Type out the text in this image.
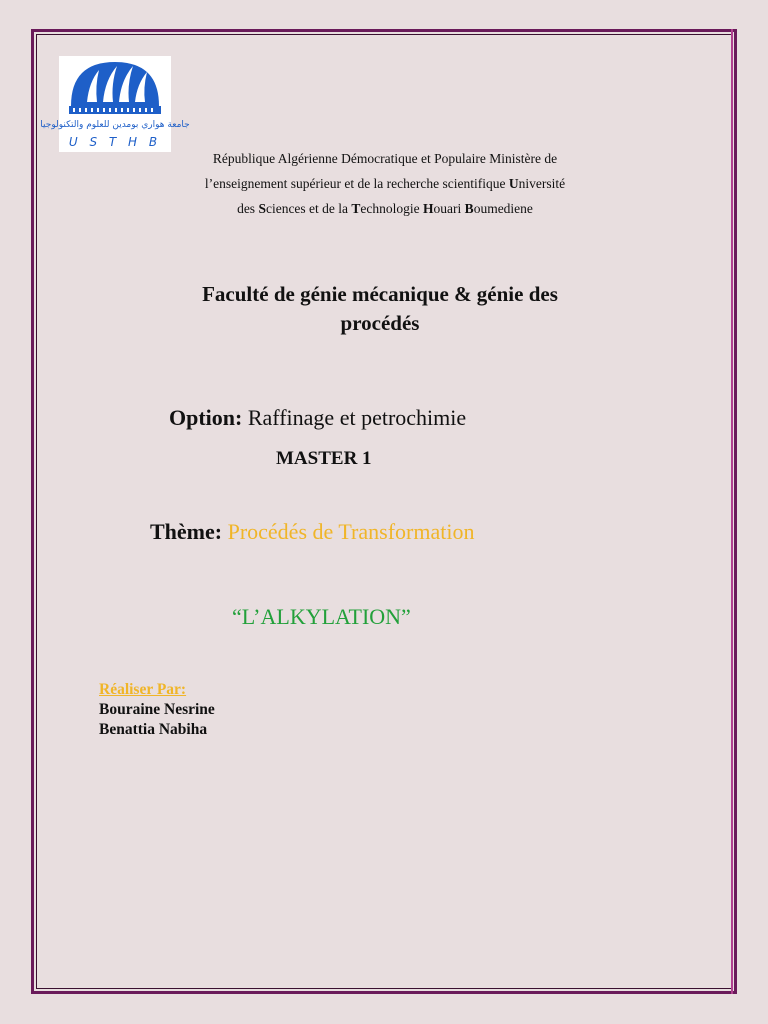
جامعة هواري بومدين للعلوم والتكنولوجيا
U S T H B
République Algérienne Démocratique et Populaire Ministère de
l’enseignement supérieur et de la recherche scientifique Université
des Sciences et de la Technologie Houari Boumediene
Faculté de génie mécanique & génie des
procédés
Option: Raffinage et petrochimie
MASTER 1
Thème: Procédés de Transformation
“L’ALKYLATION”
Réaliser Par:
Bouraine Nesrine
Benattia Nabiha
